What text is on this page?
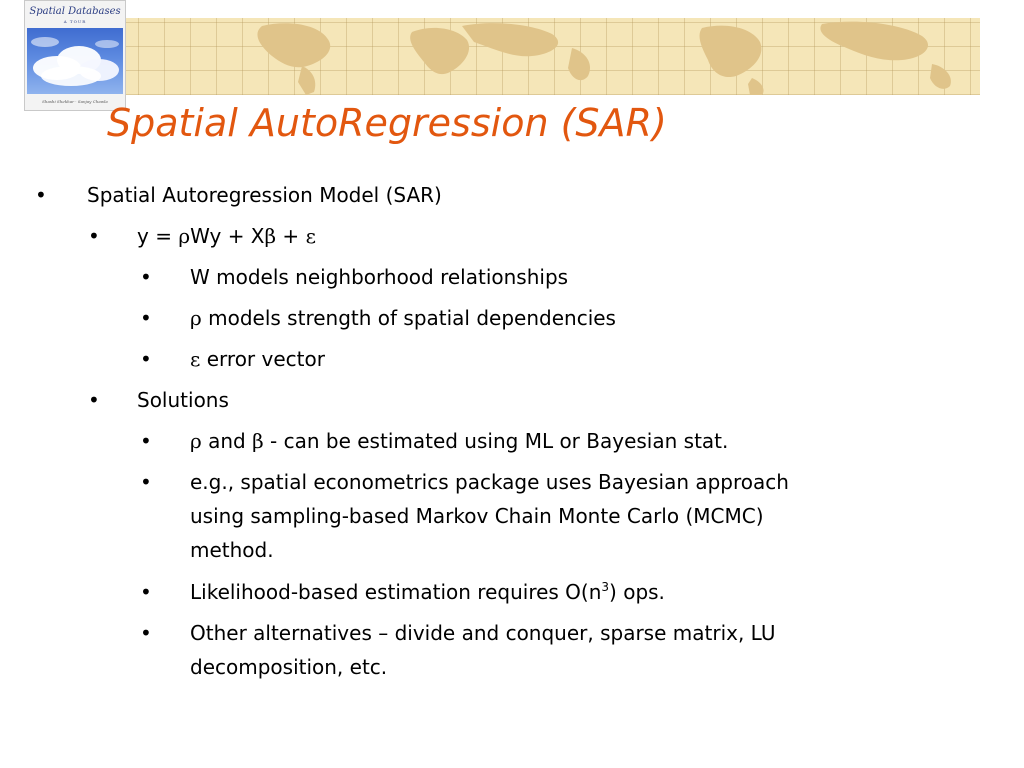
Spatial Databases
A TOUR
Shashi Shekhar · Sanjay Chawla Spatial AutoRegression (SAR)
• Spatial Autoregression Model (SAR)
• y = ρWy + Xβ + ε
• W models neighborhood relationships
• ρ models strength of spatial dependencies
• ε error vector
• Solutions
• ρ and β - can be estimated using ML or Bayesian stat.
• e.g., spatial econometrics package uses Bayesian approach
using sampling-based Markov Chain Monte Carlo (MCMC)
method.
• Likelihood-based estimation requires $O(n^3)$ ops.
• Other alternatives – divide and conquer, sparse matrix, LU
decomposition, etc.
